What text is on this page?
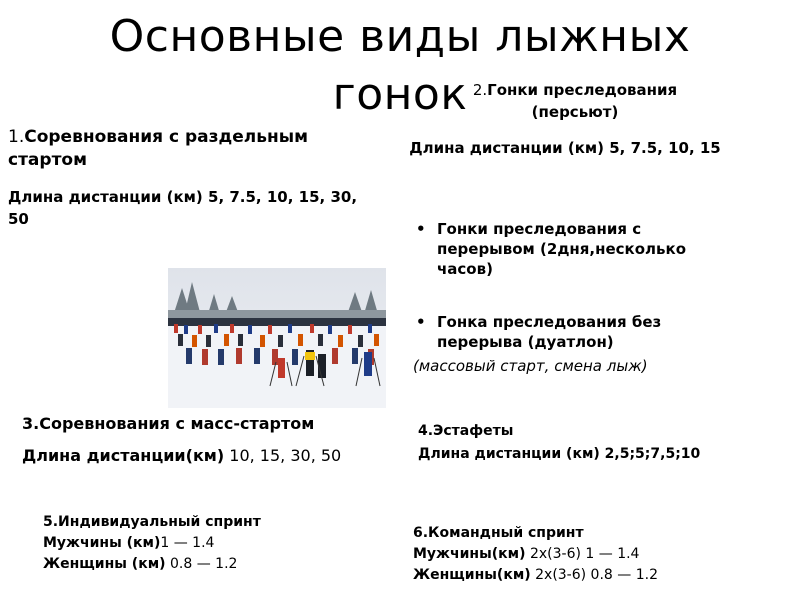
Основные виды лыжных
гонок 2.Гонки преследования (персьют)
Длина дистанции (км) 5, 7.5, 10, 15
• Гонки преследования с перерывом (2дня,несколько часов)
• Гонка преследования без перерыва (дуатлон)
(массовый старт, смена лыж)
1.Соревнования с раздельным стартом
Длина дистанции (км) 5, 7.5, 10, 15, 30, 50
3.Соревнования с масс-стартом
Длина дистанции(км) 10, 15, 30, 50
4.Эстафеты
Длина дистанции (км) 2,5;5;7,5;10
5.Индивидуальный спринт
Мужчины (км)1 — 1.4
Женщины (км) 0.8 — 1.2
6.Командный спринт
Мужчины(км) 2х(3-6) 1 — 1.4
Женщины(км) 2х(3-6) 0.8 — 1.2
